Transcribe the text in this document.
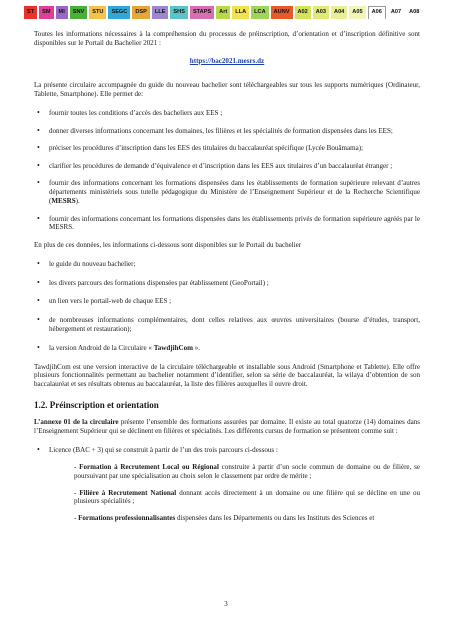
ST	SM	MI	SNV	STU	SEGC	DSP	LLE	SHS	STAPS	Art	LLA	LCA	AUNV	A02	A03	A04	A05	A06	A07	A08

Toutes les informations nécessaires à la compréhension du processus de préinscription, d’orientation et d’inscription définitive sont disponibles sur le Portail du Bachelier 2021 :

https://bac2021.mesrs.dz

La présente circulaire accompagnée du guide du nouveau bachelier sont téléchargeables sur tous les supports numériques (Ordinateur, Tablette, Smartphone). Elle permet de:

• fournir toutes les conditions d’accès des bacheliers aux EES ;
• donner diverses informations concernant les domaines, les filières et les spécialités de formation dispensées dans les EES;
• préciser les procédures d’inscription dans les EES des titulaires du baccalauréat spécifique (Lycée Bouâmama);
• clarifier les procédures de demande d’équivalence et d’inscription dans les EES aux titulaires d’un baccalauréat étranger ;
• fournir des informations concernant les formations dispensées dans les établissements de formation supérieure relevant d’autres départements ministériels sous tutelle pédagogique du Ministère de l’Enseignement Supérieur et de la Recherche Scientifique (MESRS).
• fournir des informations concernant les formations dispensées dans les établissements privés de formation supérieure agréés par le MESRS.

En plus de ces données, les informations ci-dessous sont disponibles sur le Portail du bachelier

• le guide du nouveau bachelier;
• les divers parcours des formations dispensées par établissement (GeoPortail) ;
• un lien vers le portail-web de chaque EES ;
• de nombreuses informations complémentaires, dont celles relatives aux œuvres universitaires (bourse d’études, transport, hébergement et restauration);
• la version Android de la Circulaire « TawdjihCom ».

TawdjihCom est une version interactive de la circulaire téléchargeable et installable sous Android (Smartphone et Tablette). Elle offre plusieurs fonctionnalités permettant au bachelier notamment d’identifier, selon sa série de baccalauréat, la wilaya d’obtention de son baccalauréat et ses résultats obtenus au baccalauréat, la liste des filières auxquelles il ouvre droit.

1.2. Préinscription et orientation

L’annexe 01 de la circulaire présente l’ensemble des formations assurées par domaine. Il existe au total quatorze (14) domaines dans l’Enseignement Supérieur qui se déclinent en filières et spécialités. Les différents cursus de formation se présentent comme suit :

• Licence (BAC + 3) qui se construit à partir de l’un des trois parcours ci-dessous :
- Formation à Recrutement Local ou Régional construite à partir d’un socle commun de domaine ou de filière, se poursuivant par une spécialisation au choix selon le classement par ordre de mérite ;
- Filière à Recrutement National donnant accès directement à un domaine ou une filière qui se décline en une ou plusieurs spécialités ;
- Formations professionnalisantes dispensées dans les Départements ou dans les Instituts des Sciences et
3
